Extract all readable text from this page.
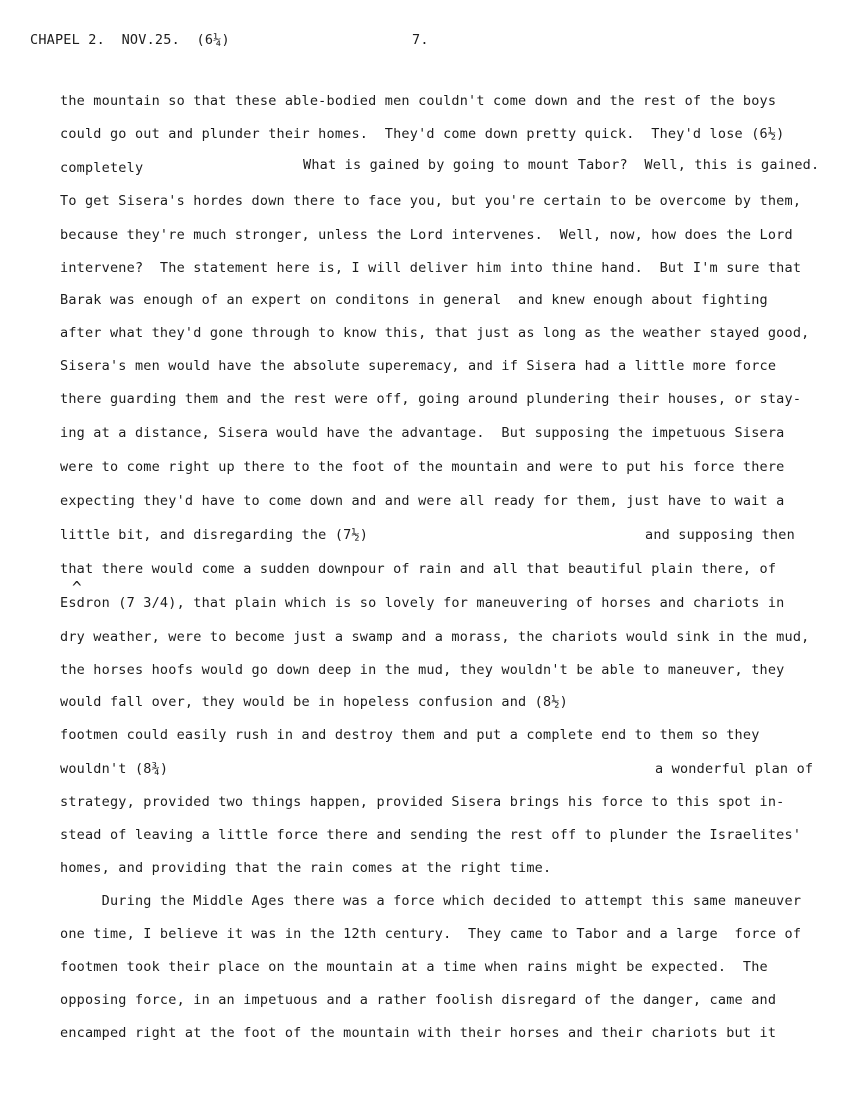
CHAPEL 2.  NOV.25.  (6¼)	7.
the mountain so that these able-bodied men couldn't come down and the rest of the boys
could go out and plunder their homes.  They'd come down pretty quick.  They'd lose (6½)
completely	What is gained by going to mount Tabor?  Well, this is gained.
To get Sisera's hordes down there to face you, but you're certain to be overcome by them,
because they're much stronger, unless the Lord intervenes.  Well, now, how does the Lord
intervene?  The statement here is, I will deliver him into thine hand.  But I'm sure that
Barak was enough of an expert on conditons in general  and knew enough about fighting
after what they'd gone through to know this, that just as long as the weather stayed good,
Sisera's men would have the absolute superemacy, and if Sisera had a little more force
there guarding them and the rest were off, going around plundering their houses, or stay-
ing at a distance, Sisera would have the advantage.  But supposing the impetuous Sisera
were to come right up there to the foot of the mountain and were to put his force there
expecting they'd have to come down and and were all ready for them, just have to wait a
little bit, and disregarding the (7½)	and supposing then
that there would come a sudden downpour of rain and all that beautiful plain there, of
^
Esdron (7 3/4), that plain which is so lovely for maneuvering of horses and chariots in
dry weather, were to become just a swamp and a morass, the chariots would sink in the mud,
the horses hoofs would go down deep in the mud, they wouldn't be able to maneuver, they
would fall over, they would be in hopeless confusion and (8½)
footmen could easily rush in and destroy them and put a complete end to them so they
wouldn't (8¾)	a wonderful plan of
strategy, provided two things happen, provided Sisera brings his force to this spot in-
stead of leaving a little force there and sending the rest off to plunder the Israelites'
homes, and providing that the rain comes at the right time.
During the Middle Ages there was a force which decided to attempt this same maneuver
one time, I believe it was in the 12th century.  They came to Tabor and a large  force of
footmen took their place on the mountain at a time when rains might be expected.  The
opposing force, in an impetuous and a rather foolish disregard of the danger, came and
encamped right at the foot of the mountain with their horses and their chariots but it
